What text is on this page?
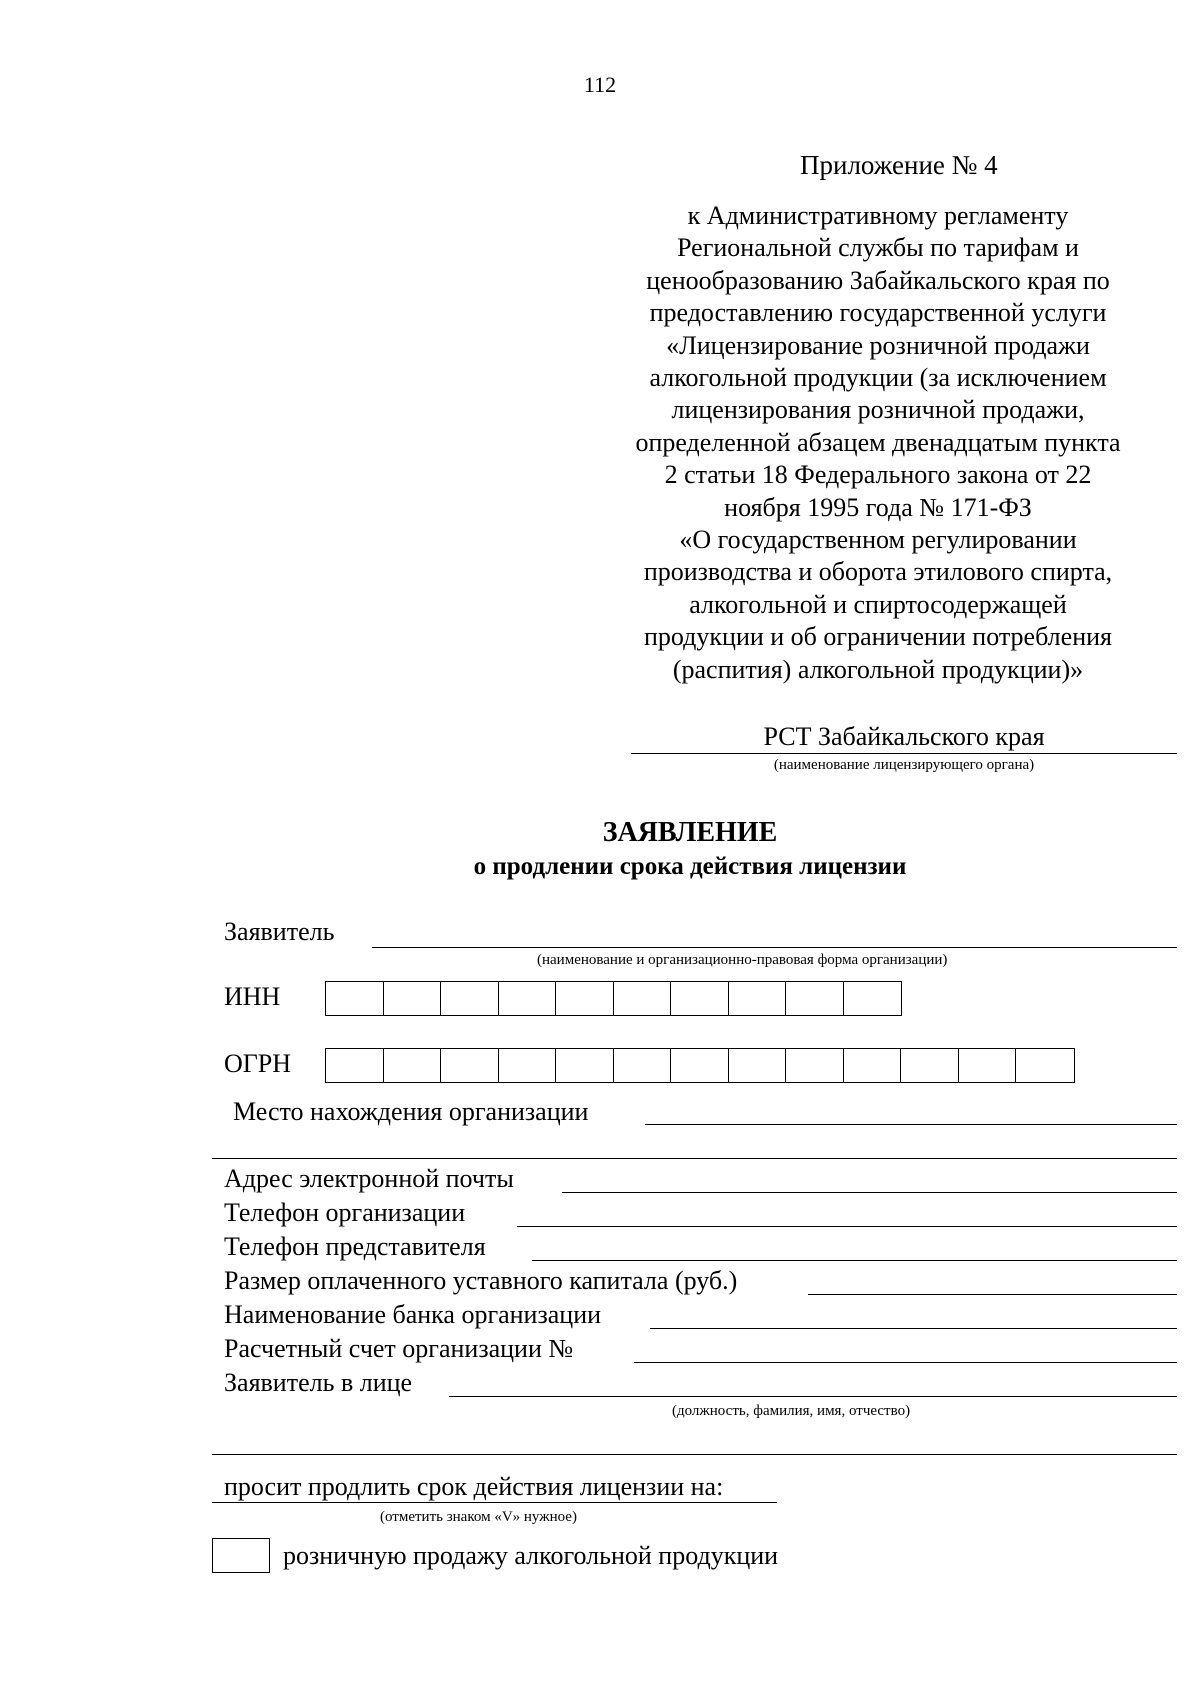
112
Приложение № 4
к Административному регламенту
Региональной службы по тарифам и
ценообразованию Забайкальского края по
предоставлению государственной услуги
«Лицензирование розничной продажи
алкогольной продукции (за исключением
лицензирования розничной продажи,
определенной абзацем двенадцатым пункта
2 статьи 18 Федерального закона от 22
ноября 1995 года № 171-ФЗ
«О государственном регулировании
производства и оборота этилового спирта,
алкогольной и спиртосодержащей
продукции и об ограничении потребления
(распития) алкогольной продукции)»
РСТ Забайкальского края
(наименование лицензирующего органа)
ЗАЯВЛЕНИЕ
о продлении срока действия лицензии
Заявитель
(наименование и организационно-правовая форма организации)
ИНН
ОГРН
Место нахождения организации
Адрес электронной почты
Телефон организации
Телефон представителя
Размер оплаченного уставного капитала (руб.)
Наименование банка организации
Расчетный счет организации №
Заявитель в лице
(должность, фамилия, имя, отчество)
просит продлить срок действия лицензии на:
(отметить знаком «V» нужное)
розничную продажу алкогольной продукции
